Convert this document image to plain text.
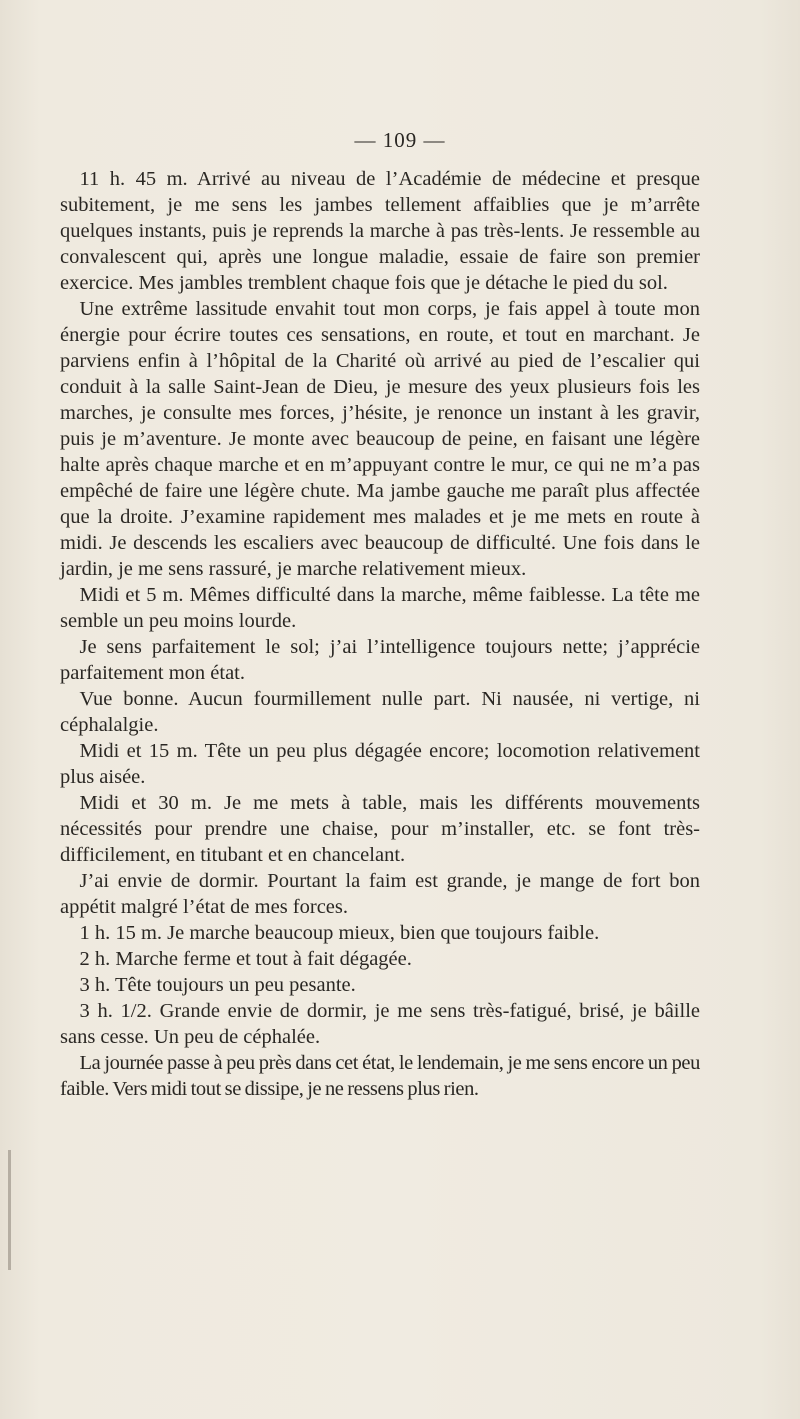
— 109 —

11 h. 45 m. Arrivé au niveau de l’Académie de médecine et presque subitement, je me sens les jambes tellement affaiblies que je m’arrête quelques instants, puis je reprends la marche à pas très-lents. Je ressemble au convalescent qui, après une longue maladie, essaie de faire son premier exercice. Mes jambles tremblent chaque fois que je détache le pied du sol.

Une extrême lassitude envahit tout mon corps, je fais appel à toute mon énergie pour écrire toutes ces sensations, en route, et tout en marchant. Je parviens enfin à l’hôpital de la Charité où arrivé au pied de l’escalier qui conduit à la salle Saint-Jean de Dieu, je mesure des yeux plusieurs fois les marches, je consulte mes forces, j’hésite, je renonce un instant à les gravir, puis je m’aventure. Je monte avec beaucoup de peine, en faisant une légère halte après chaque marche et en m’appuyant contre le mur, ce qui ne m’a pas empêché de faire une légère chute. Ma jambe gauche me paraît plus affectée que la droite. J’examine rapidement mes malades et je me mets en route à midi. Je descends les escaliers avec beaucoup de difficulté. Une fois dans le jardin, je me sens rassuré, je marche relativement mieux.

Midi et 5 m. Mêmes difficulté dans la marche, même faiblesse. La tête me semble un peu moins lourde.

Je sens parfaitement le sol; j’ai l’intelligence toujours nette; j’apprécie parfaitement mon état.

Vue bonne. Aucun fourmillement nulle part. Ni nausée, ni vertige, ni céphalalgie.

Midi et 15 m. Tête un peu plus dégagée encore; locomotion relativement plus aisée.

Midi et 30 m. Je me mets à table, mais les différents mouvements nécessités pour prendre une chaise, pour m’installer, etc. se font très-difficilement, en titubant et en chancelant.

J’ai envie de dormir. Pourtant la faim est grande, je mange de fort bon appétit malgré l’état de mes forces.

1 h. 15 m. Je marche beaucoup mieux, bien que toujours faible.

2 h. Marche ferme et tout à fait dégagée.

3 h. Tête toujours un peu pesante.

3 h. 1/2. Grande envie de dormir, je me sens très-fatigué, brisé, je bâille sans cesse. Un peu de céphalée.

La journée passe à peu près dans cet état, le lendemain, je me sens encore un peu faible. Vers midi tout se dissipe, je ne ressens plus rien.
